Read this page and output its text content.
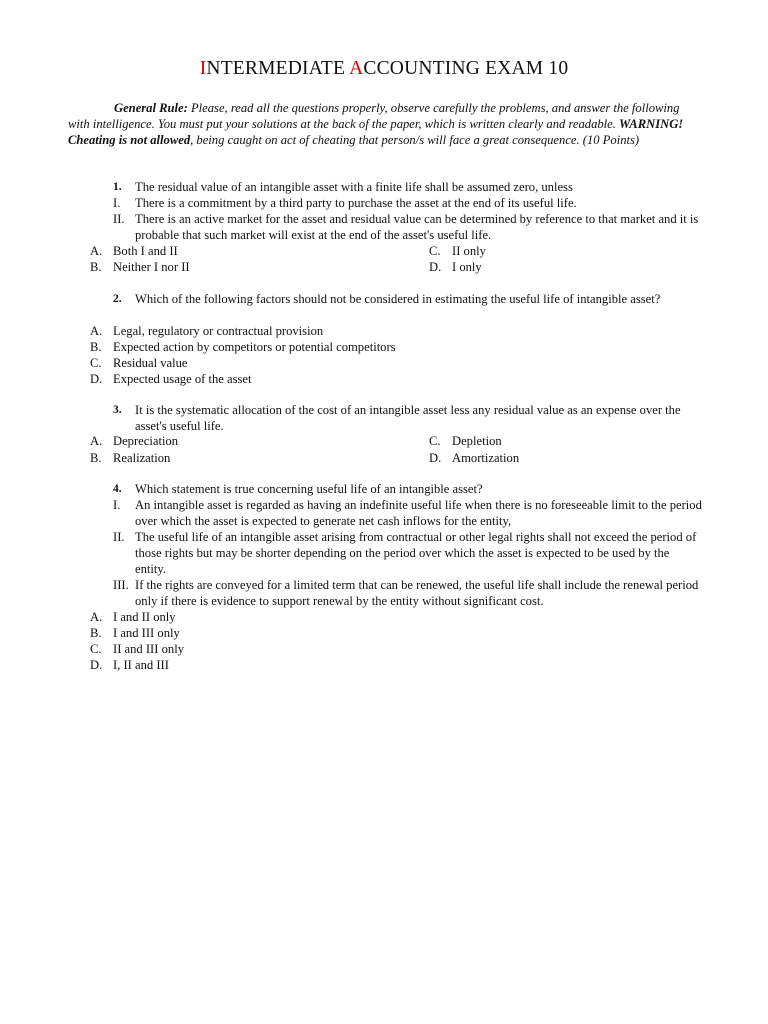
INTERMEDIATE ACCOUNTING EXAM 10
General Rule: Please, read all the questions properly, observe carefully the problems, and answer the following with intelligence. You must put your solutions at the back of the paper, which is written clearly and readable. WARNING! Cheating is not allowed, being caught on act of cheating that person/s will face a great consequence. (10 Points)
1.	The residual value of an intangible asset with a finite life shall be assumed zero, unless
I.	There is a commitment by a third party to purchase the asset at the end of its useful life.
II. There is an active market for the asset and residual value can be determined by reference to that market and it is probable that such market will exist at the end of the asset's useful life.
A. Both I and II
B. Neither I nor II
C. II only
D. I only
2.	Which of the following factors should not be considered in estimating the useful life of intangible asset?
A. Legal, regulatory or contractual provision
B. Expected action by competitors or potential competitors
C. Residual value
D. Expected usage of the asset
3.	It is the systematic allocation of the cost of an intangible asset less any residual value as an expense over the asset's useful life.
A. Depreciation
B. Realization
C. Depletion
D. Amortization
4.	Which statement is true concerning useful life of an intangible asset?
I.	An intangible asset is regarded as having an indefinite useful life when there is no foreseeable limit to the period over which the asset is expected to generate net cash inflows for the entity,
II. The useful life of an intangible asset arising from contractual or other legal rights shall not exceed the period of those rights but may be shorter depending on the period over which the asset is expected to be used by the entity.
III. If the rights are conveyed for a limited term that can be renewed, the useful life shall include the renewal period only if there is evidence to support renewal by the entity without significant cost.
A. I and II only
B. I and III only
C. II and III only
D. I, II and III
